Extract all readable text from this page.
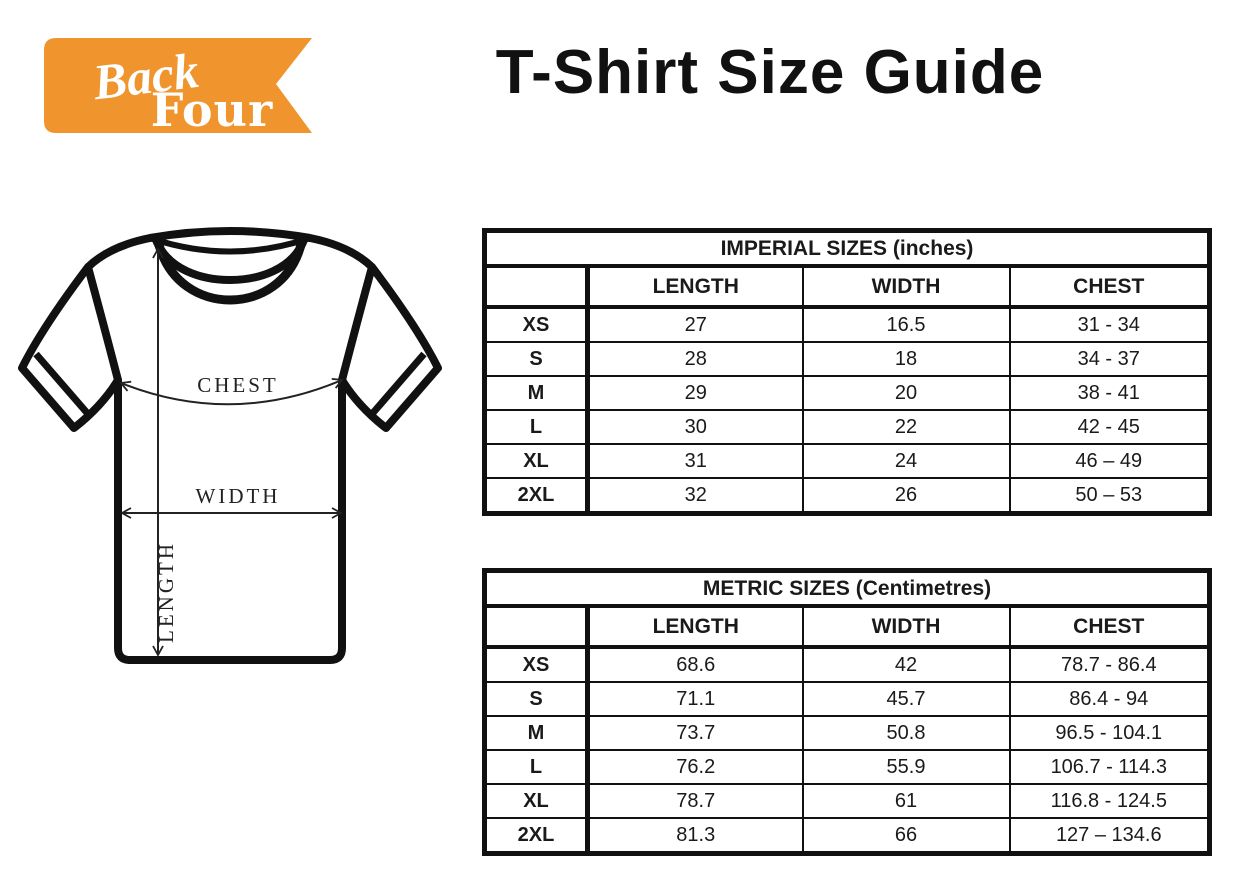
Back
Four
T-Shirt Size Guide
LENGTH
WIDTH
CHEST
IMPERIAL SIZES (inches)			
	LENGTH	WIDTH	CHEST
XS	27	16.5	31 - 34
S	28	18	34 - 37
M	29	20	38 - 41
L	30	22	42 - 45
XL	31	24	46 – 49
2XL	32	26	50 – 53
METRIC SIZES (Centimetres)			
	LENGTH	WIDTH	CHEST
XS	68.6	42	78.7 - 86.4
S	71.1	45.7	86.4 - 94
M	73.7	50.8	96.5 - 104.1
L	76.2	55.9	106.7 - 114.3
XL	78.7	61	116.8 - 124.5
2XL	81.3	66	127 – 134.6
